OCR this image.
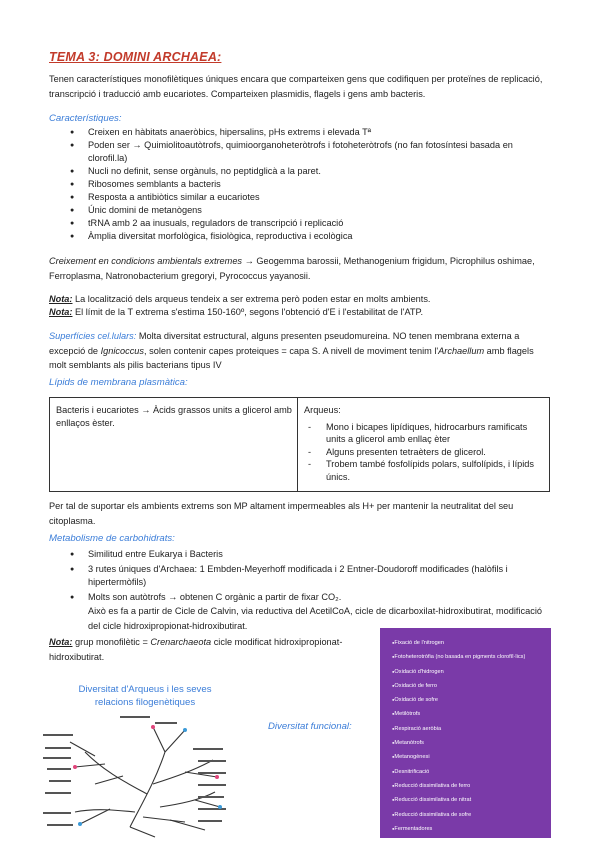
TEMA 3: DOMINI ARCHAEA:
Tenen característiques monofilètiques úniques encara que comparteixen gens que codifiquen per proteïnes de replicació, transcripció i traducció amb eucariotes. Comparteixen plasmidis, flagels i gens amb bacteris.
Característiques:
● Creixen en hàbitats anaeròbics, hipersalins, pHs extrems i elevada Tª
● Poden ser → Quimiolitoautòtrofs, quimioorganoheteròtrofs i fotoheteròtrofs (no fan fotosíntesi basada en clorofil.la)
● Nucli no definit, sense orgànuls, no peptidglicà a la paret.
● Ribosomes semblants a bacteris
● Resposta a antibiòtics similar a eucariotes
● Únic domini de metanògens
● tRNA amb 2 aa inusuals, reguladors de transcripció i replicació
● Àmplia diversitat morfològica, fisiològica, reproductiva i ecològica
Creixement en condicions ambientals extremes → Geogemma barossii, Methanogenium frigidum, Picrophilus oshimae, Ferroplasma, Natronobacterium gregoryi, Pyrococcus yayanosii.
Nota: La localització dels arqueus tendeix a ser extrema però poden estar en molts ambients.
Nota: El límit de la T extrema s'estima 150-160º, segons l'obtenció d'E i l'estabilitat de l'ATP.
Superfícies cel.lulars: Molta diversitat estructural, alguns presenten pseudomureina. NO tenen membrana externa a excepció de Ignicoccus, solen contenir capes proteiques = capa S. A nivell de moviment tenim l'Archaellum amb flagels molt semblants als pilis bacterians tipus IV
Lípids de membrana plasmàtica:
Bacteris i eucariotes → Àcids grassos units a glicerol amb enllaços èster.	
Arqueus:
- Mono i bicapes lipídiques, hidrocarburs ramificats units a glicerol amb enllaç èter
- Alguns presenten tetraèters de glicerol.
- Trobem també fosfolípids polars, sulfolípids, i lípids únics.
Per tal de suportar els ambients extrems son MP altament impermeables als H+ per mantenir la neutralitat del seu citoplasma.
Metabolisme de carbohidrats:
● Similitud entre Eukarya i Bacteris
● 3 rutes úniques d'Archaea: 1 Embden-Meyerhoff modificada i 2 Entner-Doudoroff modificades (halòfils i hipertermòfils)
● Molts son autòtrofs → obtenen C orgànic a partir de fixar CO₂.
Això es fa a partir de Cicle de Calvin, via reductiva del AcetilCoA, cicle de dicarboxilat-hidroxibutirat, modificació del cicle hidroxipropionat-hidroxibutirat.
Nota: grup monofilètic = Crenarchaeota cicle modificat hidroxipropionat-hidroxibutirat.
Diversitat d'Arqueus i les seves relacions filogenètiques
Diversitat funcional:
● Fixació de l'nitrogen
● Fotoheterotròfia (no basada en pigments clorofíl·lics)
● Oxidació d'hidrogen
● Oxidació de ferro
● Oxidació de sofre
● Metilòtrofs
● Respiració aeròbia
● Metanòtrofs
● Metanogènesi
● Desnitrificació
● Reducció dissimilativa de ferro
● Reducció dissimilativa de nitrat
● Reducció dissimilativa de sofre
● Fermentadores
